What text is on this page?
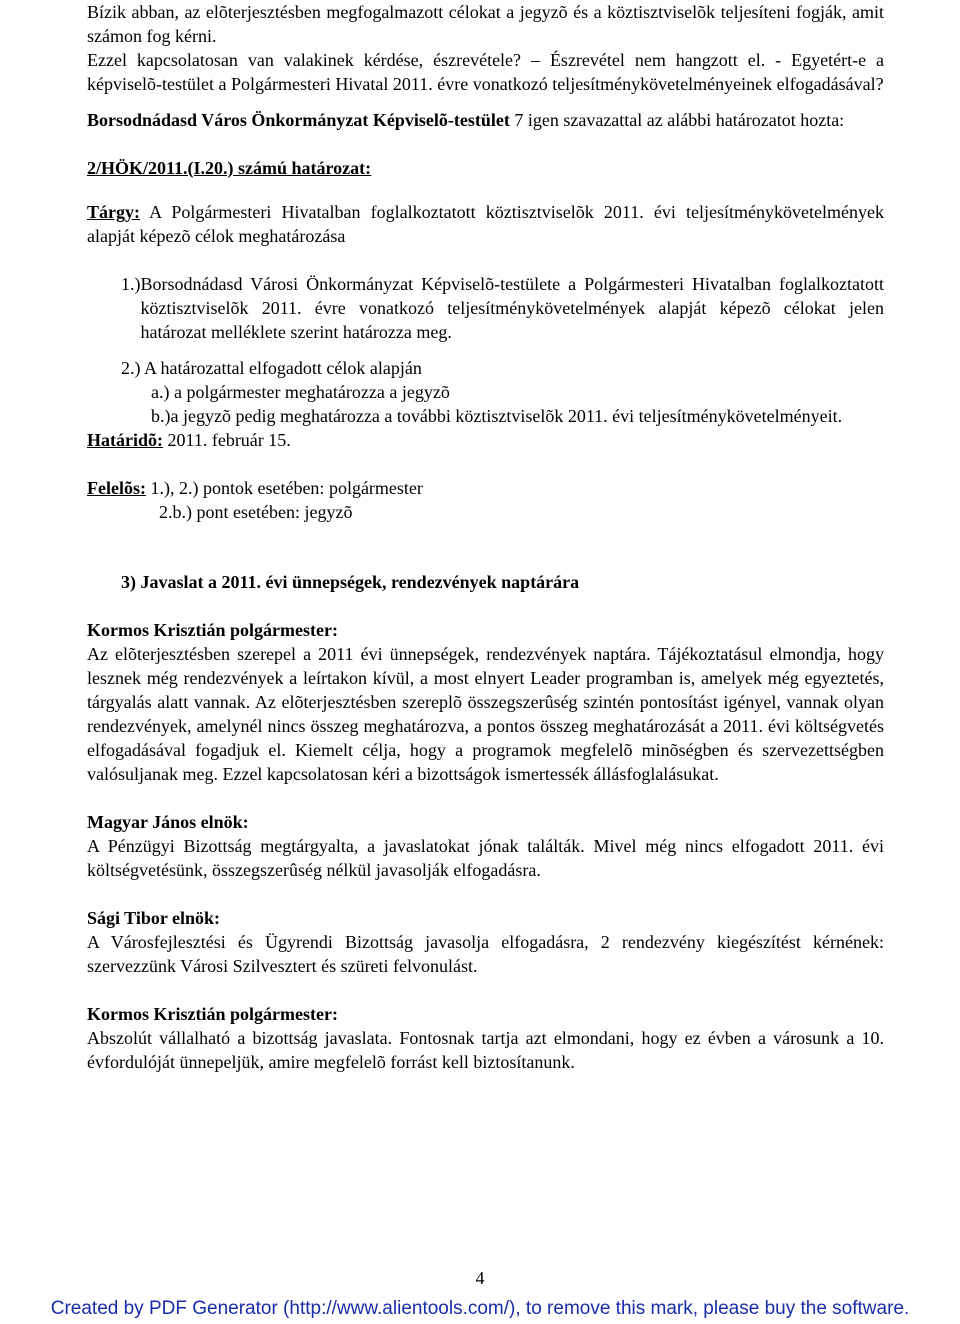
Bízik abban, az elõterjesztésben megfogalmazott célokat a jegyzõ és a köztisztviselõk teljesíteni fogják, amit számon fog kérni.

Ezzel kapcsolatosan van valakinek kérdése, észrevétele? – Észrevétel nem hangzott el. - Egyetért-e a képviselõ-testület a Polgármesteri Hivatal 2011. évre vonatkozó teljesítménykövetelményeinek elfogadásával?

Borsodnádasd Város Önkormányzat Képviselõ-testület 7 igen szavazattal az alábbi határozatot hozta:

2/HÖK/2011.(I.20.) számú határozat:

Tárgy: A Polgármesteri Hivatalban foglalkoztatott köztisztviselõk 2011. évi teljesítménykövetelmények alapját képezõ célok meghatározása

1.) Borsodnádasd Városi Önkormányzat Képviselõ-testülete a Polgármesteri Hivatalban foglalkoztatott köztisztviselõk 2011. évre vonatkozó teljesítménykövetelmények alapját képezõ célokat jelen határozat melléklete szerint határozza meg.

2.) A határozattal elfogadott célok alapján

a.) a polgármester meghatározza a jegyzõ

b.) a jegyzõ pedig meghatározza a további köztisztviselõk 2011. évi teljesítménykövetelményeit.

Határidõ: 2011. február 15.

Felelõs: 1.), 2.) pontok esetében: polgármester

2.b.) pont esetében: jegyzõ

3) Javaslat a 2011. évi ünnepségek, rendezvények naptárára

Kormos Krisztián polgármester:

Az elõterjesztésben szerepel a 2011 évi ünnepségek, rendezvények naptára. Tájékoztatásul elmondja, hogy lesznek még rendezvények a leírtakon kívül, a most elnyert Leader programban is, amelyek még egyeztetés, tárgyalás alatt vannak. Az elõterjesztésben szereplõ összegszerûség szintén pontosítást igényel, vannak olyan rendezvények, amelynél nincs összeg meghatározva, a pontos összeg meghatározását a 2011. évi költségvetés elfogadásával fogadjuk el. Kiemelt célja, hogy a programok megfelelõ minõségben és szervezettségben valósuljanak meg. Ezzel kapcsolatosan kéri a bizottságok ismertessék állásfoglalásukat.

Magyar János elnök:

A Pénzügyi Bizottság megtárgyalta, a javaslatokat jónak találták. Mivel még nincs elfogadott 2011. évi költségvetésünk, összegszerûség nélkül javasolják elfogadásra.

Sági Tibor elnök:

A Városfejlesztési és Ügyrendi Bizottság javasolja elfogadásra, 2 rendezvény kiegészítést kérnének: szervezzünk Városi Szilvesztert és szüreti felvonulást.

Kormos Krisztián polgármester:

Abszolút vállalható a bizottság javaslata. Fontosnak tartja azt elmondani, hogy ez évben a városunk a 10. évfordulóját ünnepeljük, amire megfelelõ forrást kell biztosítanunk.

4
Created by PDF Generator (http://www.alientools.com/), to remove this mark, please buy the software.
